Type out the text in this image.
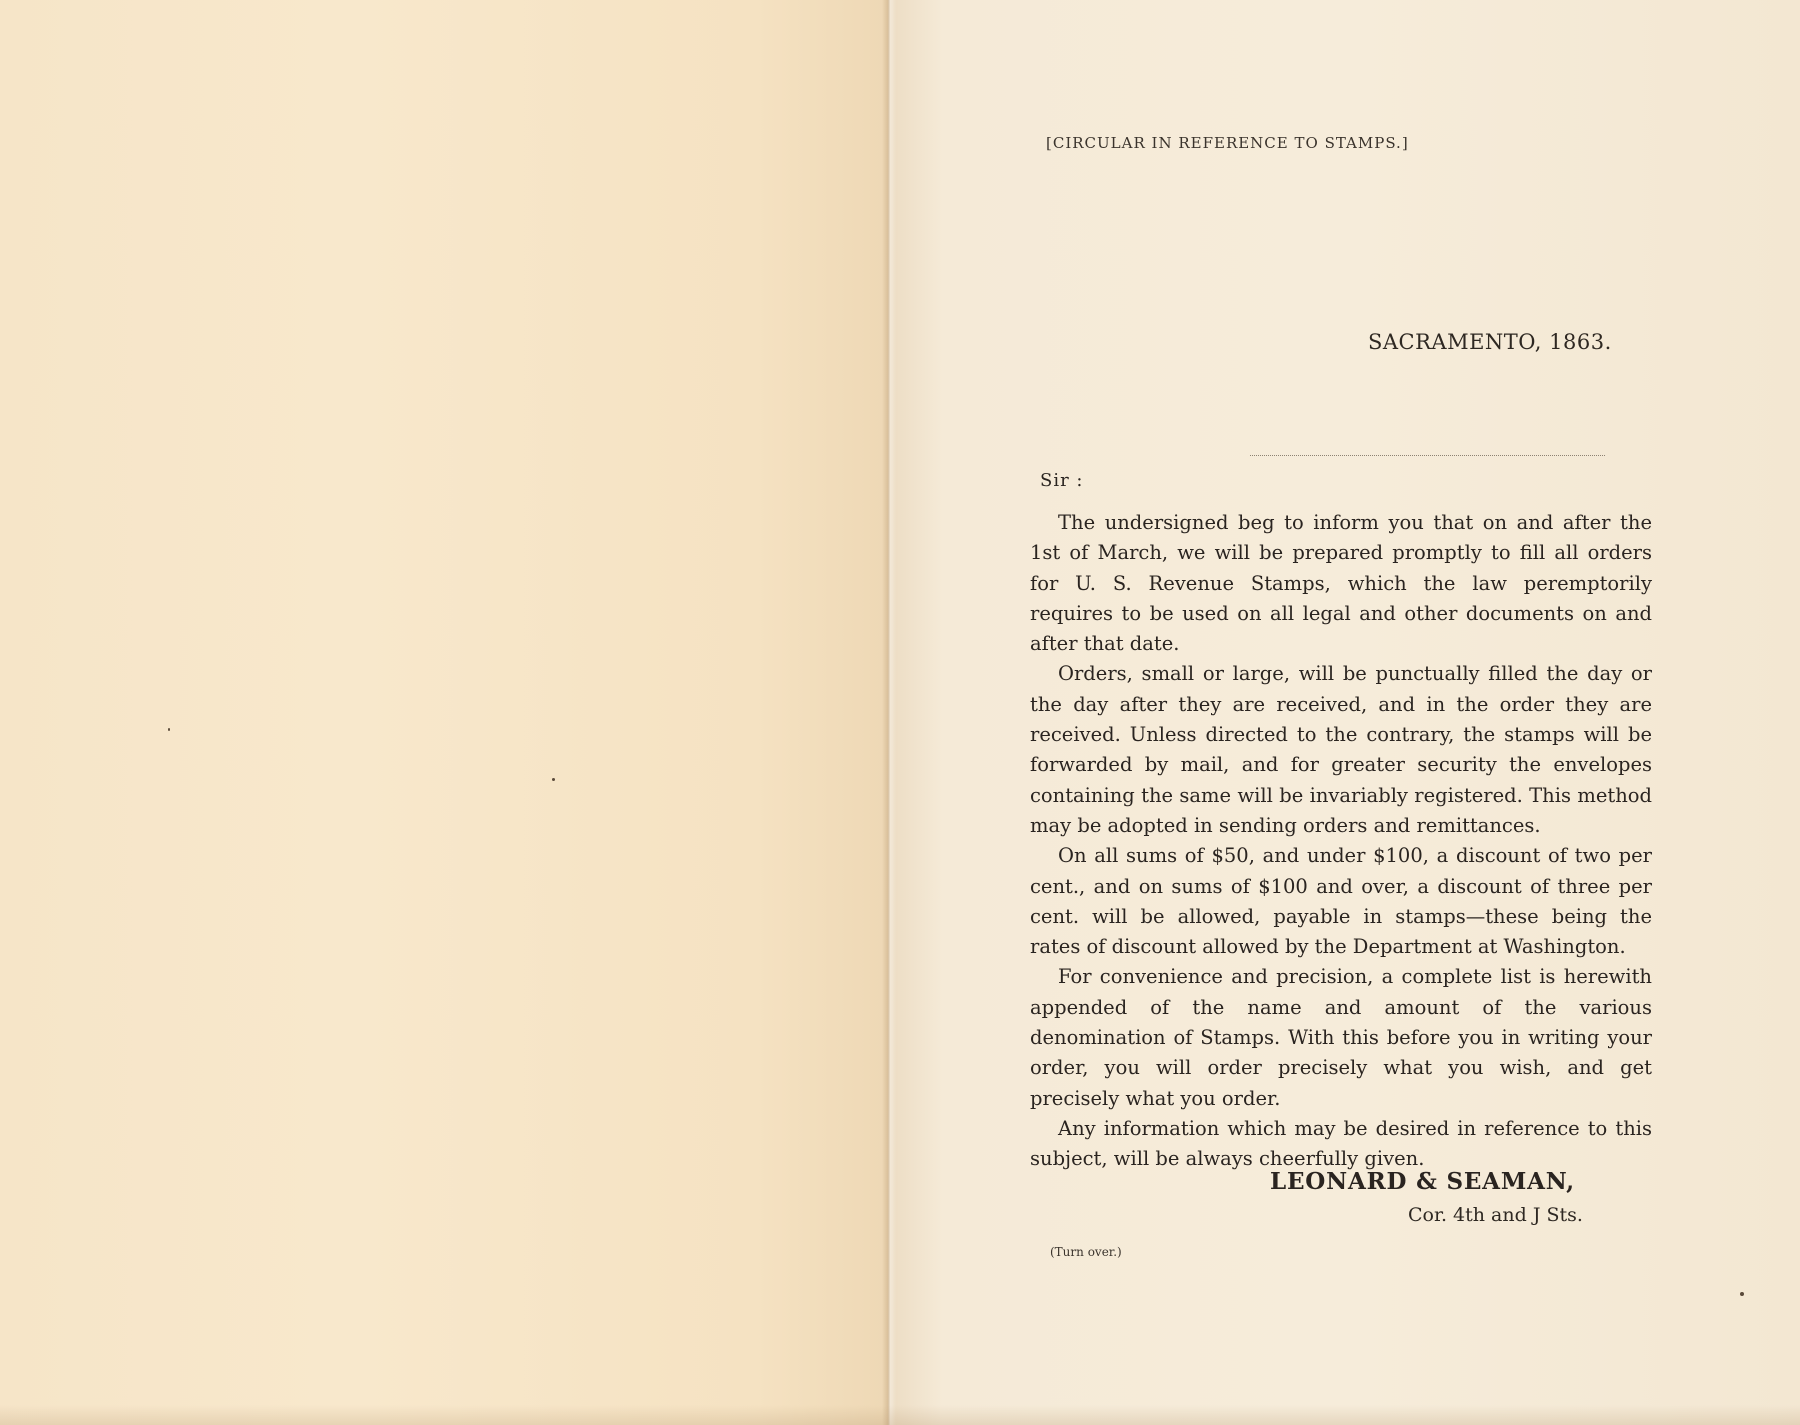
[CIRCULAR IN REFERENCE TO STAMPS.]
SACRAMENTO, 1863.
Sir :

The undersigned beg to inform you that on and after the 1st of March, we will be prepared promptly to fill all orders for U. S. Revenue Stamps, which the law peremptorily requires to be used on all legal and other documents on and after that date.

Orders, small or large, will be punctually filled the day or the day after they are received, and in the order they are received. Unless directed to the contrary, the stamps will be forwarded by mail, and for greater security the envelopes containing the same will be invariably registered. This method may be adopted in sending orders and remittances.

On all sums of $50, and under $100, a discount of two per cent., and on sums of $100 and over, a discount of three per cent. will be allowed, payable in stamps—these being the rates of discount allowed by the Department at Washington.

For convenience and precision, a complete list is herewith appended of the name and amount of the various denomination of Stamps. With this before you in writing your order, you will order precisely what you wish, and get precisely what you order.

Any information which may be desired in reference to this subject, will be always cheerfully given.

LEONARD & SEAMAN,
Cor. 4th and J Sts.
(Turn over.)
